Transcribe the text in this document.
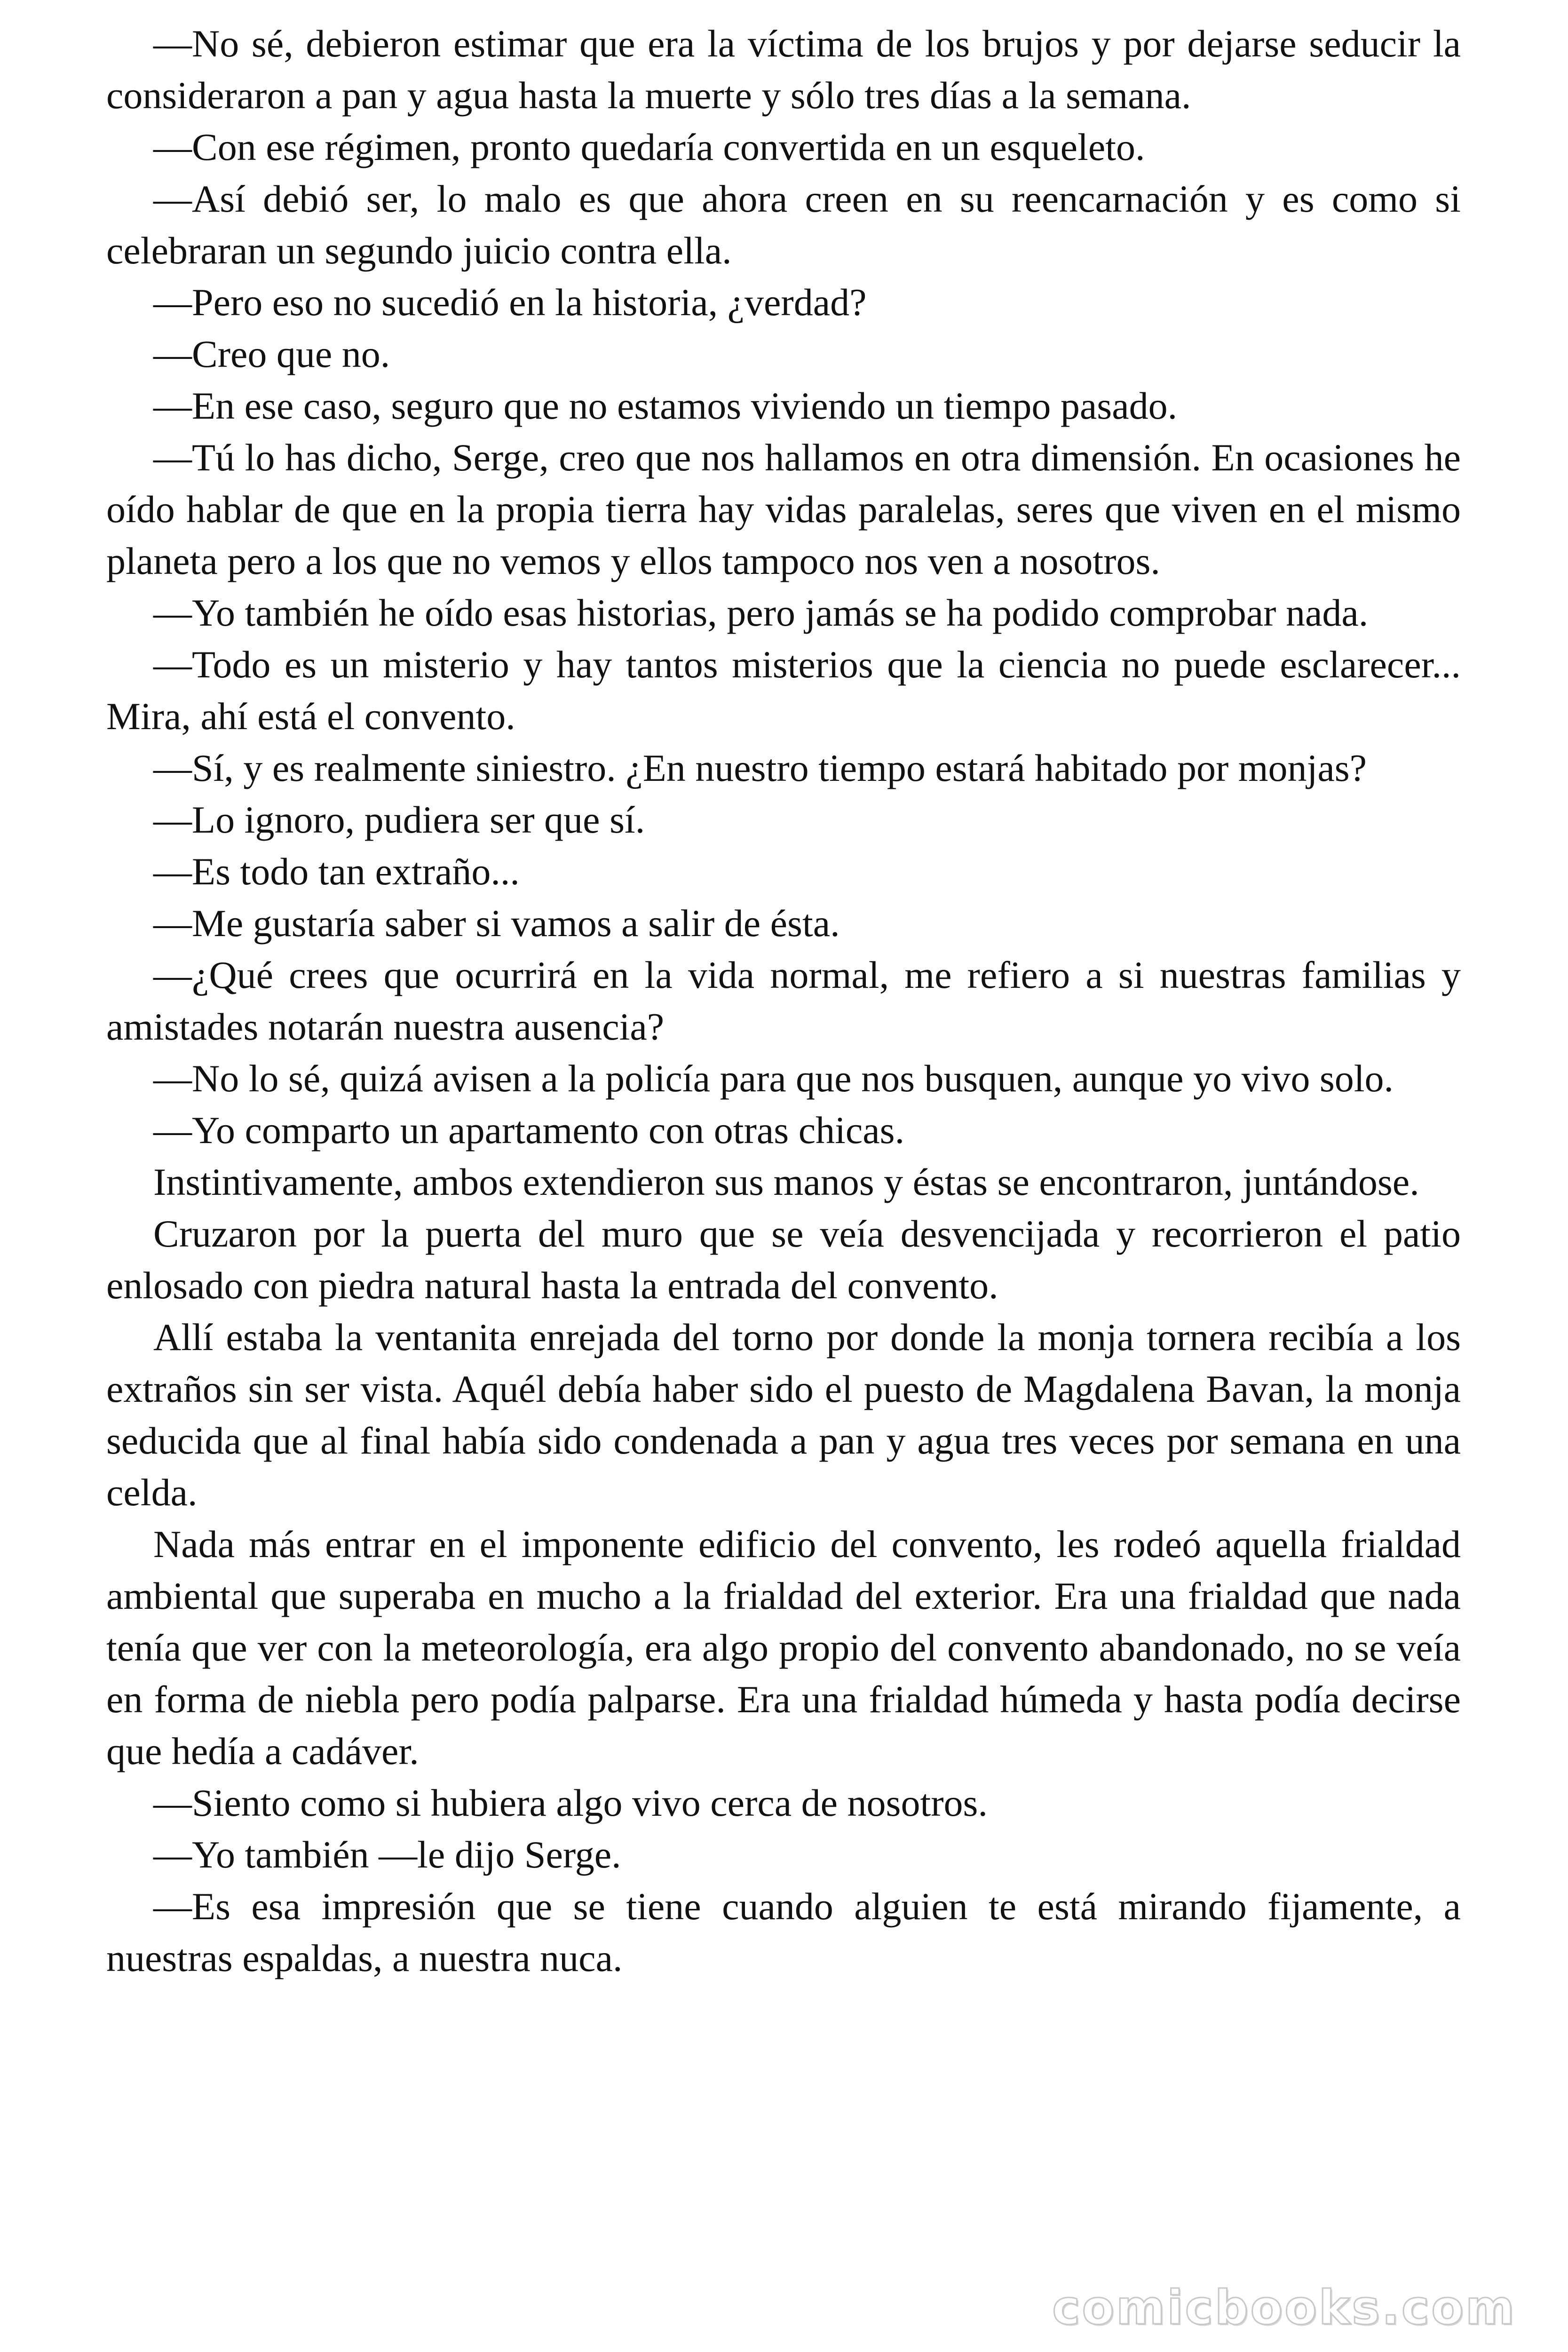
—No sé, debieron estimar que era la víctima de los brujos y por dejarse seducir la consideraron a pan y agua hasta la muerte y sólo tres días a la semana.

—Con ese régimen, pronto quedaría convertida en un esqueleto.

—Así debió ser, lo malo es que ahora creen en su reencarnación y es como si celebraran un segundo juicio contra ella.

—Pero eso no sucedió en la historia, ¿verdad?

—Creo que no.

—En ese caso, seguro que no estamos viviendo un tiempo pasado.

—Tú lo has dicho, Serge, creo que nos hallamos en otra dimensión. En ocasiones he oído hablar de que en la propia tierra hay vidas paralelas, seres que viven en el mismo planeta pero a los que no vemos y ellos tampoco nos ven a nosotros.

—Yo también he oído esas historias, pero jamás se ha podido comprobar nada.

—Todo es un misterio y hay tantos misterios que la ciencia no puede esclarecer... Mira, ahí está el convento.

—Sí, y es realmente siniestro. ¿En nuestro tiempo estará habitado por monjas?

—Lo ignoro, pudiera ser que sí.

—Es todo tan extraño...

—Me gustaría saber si vamos a salir de ésta.

—¿Qué crees que ocurrirá en la vida normal, me refiero a si nuestras familias y amistades notarán nuestra ausencia?

—No lo sé, quizá avisen a la policía para que nos busquen, aunque yo vivo solo.

—Yo comparto un apartamento con otras chicas.

Instintivamente, ambos extendieron sus manos y éstas se encontraron, juntándose.

Cruzaron por la puerta del muro que se veía desvencijada y recorrieron el patio enlosado con piedra natural hasta la entrada del convento.

Allí estaba la ventanita enrejada del torno por donde la monja tornera recibía a los extraños sin ser vista. Aquél debía haber sido el puesto de Magdalena Bavan, la monja seducida que al final había sido condenada a pan y agua tres veces por semana en una celda.

Nada más entrar en el imponente edificio del convento, les rodeó aquella frialdad ambiental que superaba en mucho a la frialdad del exterior. Era una frialdad que nada tenía que ver con la meteorología, era algo propio del convento abandonado, no se veía en forma de niebla pero podía palparse. Era una frialdad húmeda y hasta podía decirse que hedía a cadáver.

—Siento como si hubiera algo vivo cerca de nosotros.

—Yo también —le dijo Serge.

—Es esa impresión que se tiene cuando alguien te está mirando fijamente, a nuestras espaldas, a nuestra nuca.

comicbooks.com
